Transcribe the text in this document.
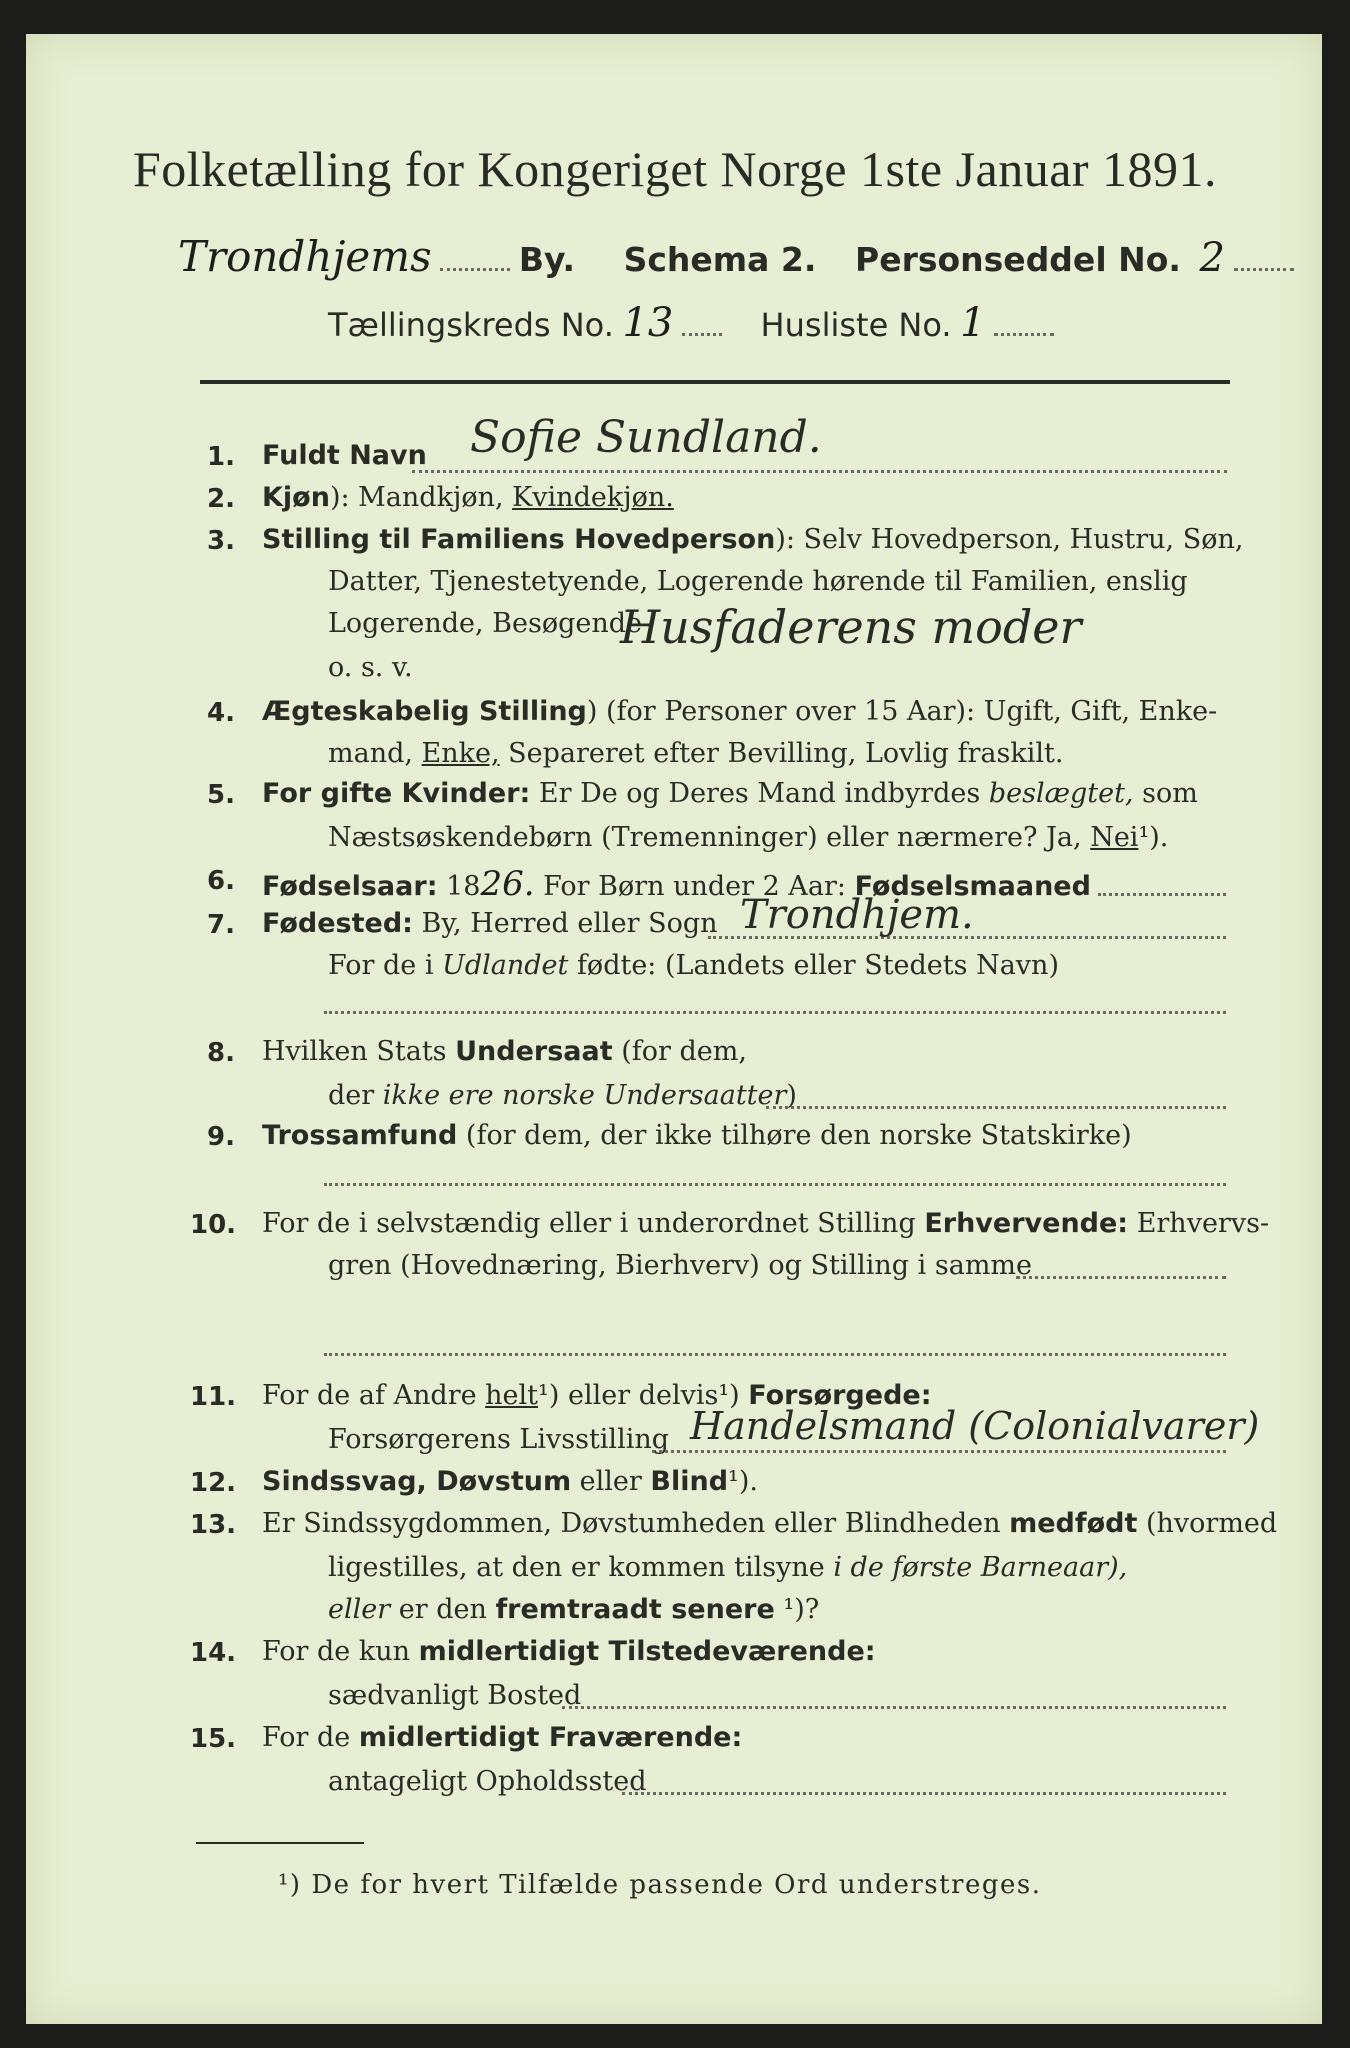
Folketælling for Kongeriget Norge 1ste Januar 1891.
Trondhjems	By. Schema 2. Personseddel No. 2
Tællingskreds No. 13	Husliste No. 1
1. Fuldt Navn Sofie Sundland.
2. Kjøn): Mandkjøn, Kvindekjøn.
3. Stilling til Familiens Hovedperson): Selv Hovedperson, Hustru, Søn,
Datter, Tjenestetyende, Logerende hørende til Familien, enslig
Logerende, Besøgende
o. s. v.
Husfaderens moder
4. Ægteskabelig Stilling) (for Personer over 15 Aar): Ugift, Gift, Enke-
mand, Enke, Separeret efter Bevilling, Lovlig fraskilt.
5. For gifte Kvinder: Er De og Deres Mand indbyrdes beslægtet, som
Næstsøskendebørn (Tremenninger) eller nærmere? Ja, Nei¹).
6. Fødselsaar: 1826. For Børn under 2 Aar: Fødselsmaaned
7. Fødested: By, Herred eller Sogn Trondhjem.
For de i Udlandet fødte: (Landets eller Stedets Navn)
8. Hvilken Stats Undersaat (for dem,
der ikke ere norske Undersaatter)
9. Trossamfund (for dem, der ikke tilhøre den norske Statskirke)
10. For de i selvstændig eller i underordnet Stilling Erhvervende: Erhvervs-
gren (Hovednæring, Bierhverv) og Stilling i samme
11. For de af Andre helt¹) eller delvis¹) Forsørgede:
Forsørgerens Livsstilling Handelsmand (Colonialvarer)
12. Sindssvag, Døvstum eller Blind¹).
13. Er Sindssygdommen, Døvstumheden eller Blindheden medfødt (hvormed
ligestilles, at den er kommen tilsyne i de første Barneaar),
eller er den fremtraadt senere ¹)?
14. For de kun midlertidigt Tilstedeværende:
sædvanligt Bosted
15. For de midlertidigt Fraværende:
antageligt Opholdssted
¹) De for hvert Tilfælde passende Ord understreges.
